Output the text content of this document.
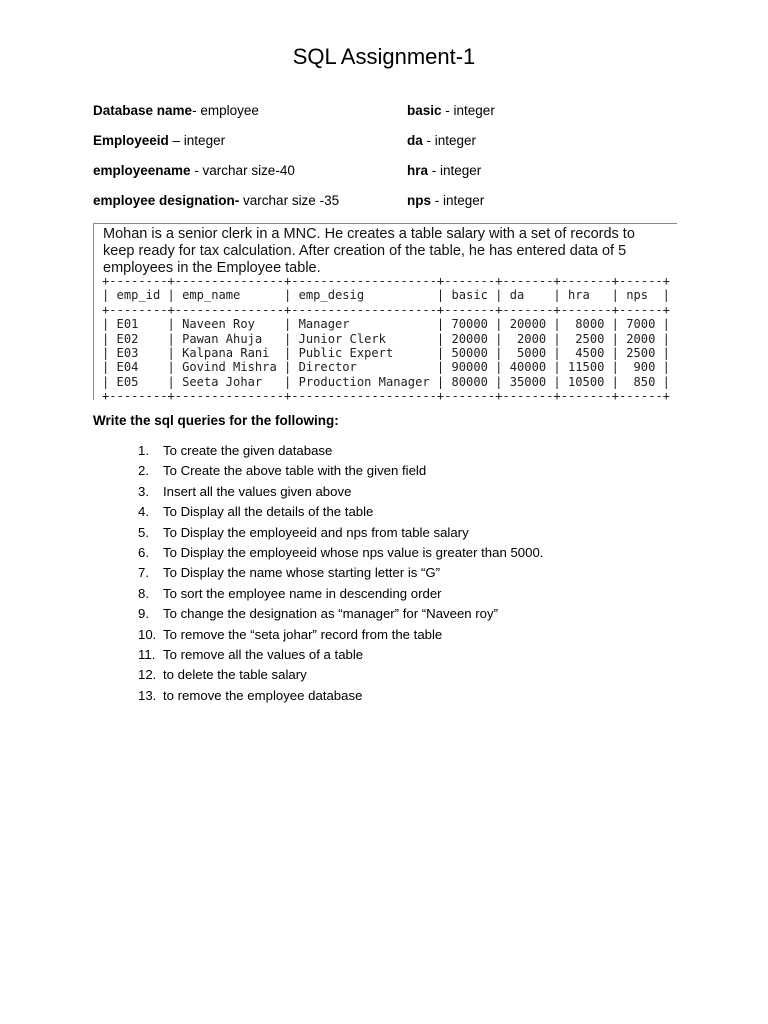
SQL Assignment-1
Database name- employee	basic - integer
Employeeid – integer	da - integer
employeename - varchar size-40	hra - integer
employee designation- varchar size -35	nps - integer
Mohan is a senior clerk in a MNC. He creates a table salary with a set of records to
keep ready for tax calculation. After creation of the table, he has entered data of 5
employees in the Employee table.
+--------+---------------+--------------------+-------+-------+-------+------+
| emp_id | emp_name      | emp_desig          | basic | da    | hra   | nps  |
+--------+---------------+--------------------+-------+-------+-------+------+
| E01    | Naveen Roy    | Manager            | 70000 | 20000 |  8000 | 7000 |
| E02    | Pawan Ahuja   | Junior Clerk       | 20000 |  2000 |  2500 | 2000 |
| E03    | Kalpana Rani  | Public Expert      | 50000 |  5000 |  4500 | 2500 |
| E04    | Govind Mishra | Director           | 90000 | 40000 | 11500 |  900 |
| E05    | Seeta Johar   | Production Manager | 80000 | 35000 | 10500 |  850 |
+--------+---------------+--------------------+-------+-------+-------+------+

Write the sql queries for the following:
1.	To create the given database
2.	To Create the above table with the given field
3.	Insert all the values given above
4.	To Display all the details of the table
5.	To Display the employeeid and nps from table salary
6.	To Display the employeeid whose nps value is greater than 5000.
7.	To Display the name whose starting letter is “G”
8.	To sort the employee name in descending order
9.	To change the designation as “manager” for “Naveen roy”
10. To remove the “seta johar” record from the table
11. To remove all the values of a table
12. to delete the table salary
13. to remove the employee database
